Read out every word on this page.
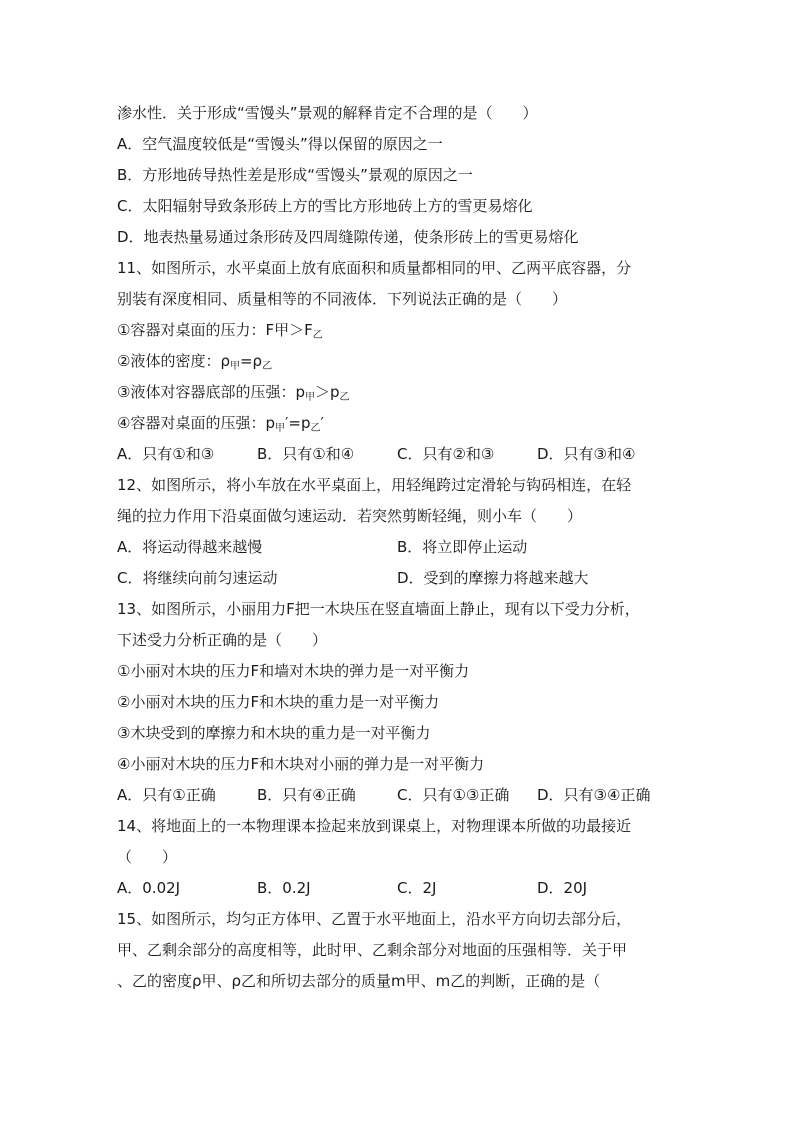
渗水性．关于形成“雪馒头”景观的解释肯定不合理的是（　　）
A．空气温度较低是“雪馒头”得以保留的原因之一
B．方形地砖导热性差是形成“雪馒头”景观的原因之一
C．太阳辐射导致条形砖上方的雪比方形地砖上方的雪更易熔化
D．地表热量易通过条形砖及四周缝隙传递，使条形砖上的雪更易熔化
11、如图所示，水平桌面上放有底面积和质量都相同的甲、乙两平底容器，分
别装有深度相同、质量相等的不同液体．下列说法正确的是（　　）
①容器对桌面的压力：F甲$>F_乙$
②液体的密度：$\rho_甲=\rho_乙$
③液体对容器底部的压强：$p_甲>p_乙$
④容器对桌面的压强：$p_甲'=p_乙'$
A．只有①和③	B．只有①和④	C．只有②和③	D．只有③和④
12、如图所示，将小车放在水平桌面上，用轻绳跨过定滑轮与钩码相连，在轻
绳的拉力作用下沿桌面做匀速运动．若突然剪断轻绳，则小车（　　）
A．将运动得越来越慢	B．将立即停止运动
C．将继续向前匀速运动	D．受到的摩擦力将越来越大
13、如图所示，小丽用力F把一木块压在竖直墙面上静止，现有以下受力分析，
下述受力分析正确的是（　　）
①小丽对木块的压力F和墙对木块的弹力是一对平衡力
②小丽对木块的压力F和木块的重力是一对平衡力
③木块受到的摩擦力和木块的重力是一对平衡力
④小丽对木块的压力F和木块对小丽的弹力是一对平衡力
A．只有①正确	B．只有④正确	C．只有①③正确	D．只有③④正确
14、将地面上的一本物理课本捡起来放到课桌上，对物理课本所做的功最接近
（　　）
A．0.02J	B．0.2J	C．2J	D．20J
15、如图所示，均匀正方体甲、乙置于水平地面上，沿水平方向切去部分后，
甲、乙剩余部分的高度相等，此时甲、乙剩余部分对地面的压强相等．关于甲
、乙的密度ρ甲、ρ乙和所切去部分的质量m甲、m乙的判断，正确的是（
